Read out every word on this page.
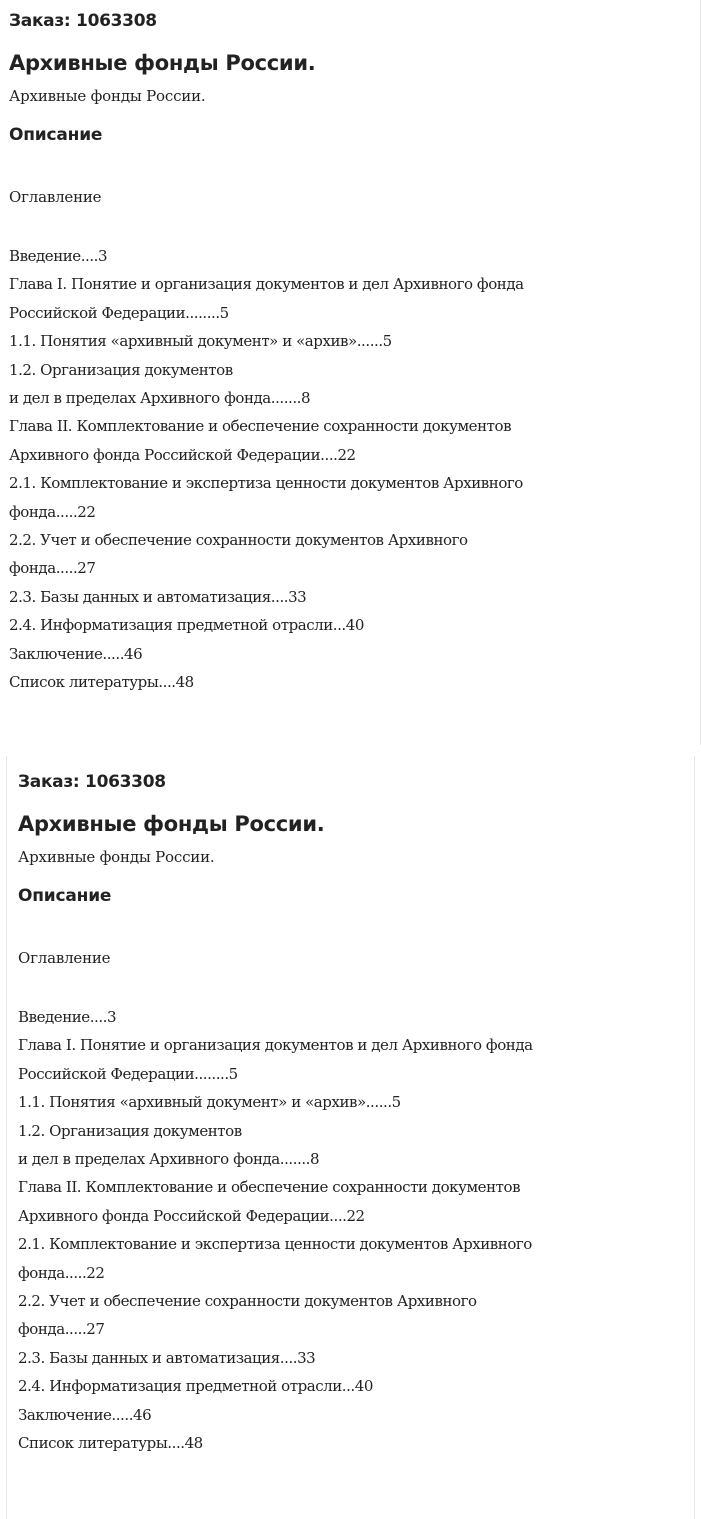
Заказ: 1063308
Архивные фонды России.
Архивные фонды России.
Описание
Оглавление
Введение....3
Глава I. Понятие и организация документов и дел Архивного фонда
Российской Федерации........5
1.1. Понятия «архивный документ» и «архив»......5
1.2. Организация документов
и дел в пределах Архивного фонда.......8
Глава II. Комплектование и обеспечение сохранности документов
Архивного фонда Российской Федерации....22
2.1. Комплектование и экспертиза ценности документов Архивного
фонда.....22
2.2. Учет и обеспечение сохранности документов Архивного
фонда.....27
2.3. Базы данных и автоматизация....33
2.4. Информатизация предметной отрасли...40
Заключение.....46
Список литературы....48
Заказ: 1063308
Архивные фонды России.
Архивные фонды России.
Описание
Оглавление
Введение....3
Глава I. Понятие и организация документов и дел Архивного фонда
Российской Федерации........5
1.1. Понятия «архивный документ» и «архив»......5
1.2. Организация документов
и дел в пределах Архивного фонда.......8
Глава II. Комплектование и обеспечение сохранности документов
Архивного фонда Российской Федерации....22
2.1. Комплектование и экспертиза ценности документов Архивного
фонда.....22
2.2. Учет и обеспечение сохранности документов Архивного
фонда.....27
2.3. Базы данных и автоматизация....33
2.4. Информатизация предметной отрасли...40
Заключение.....46
Список литературы....48
